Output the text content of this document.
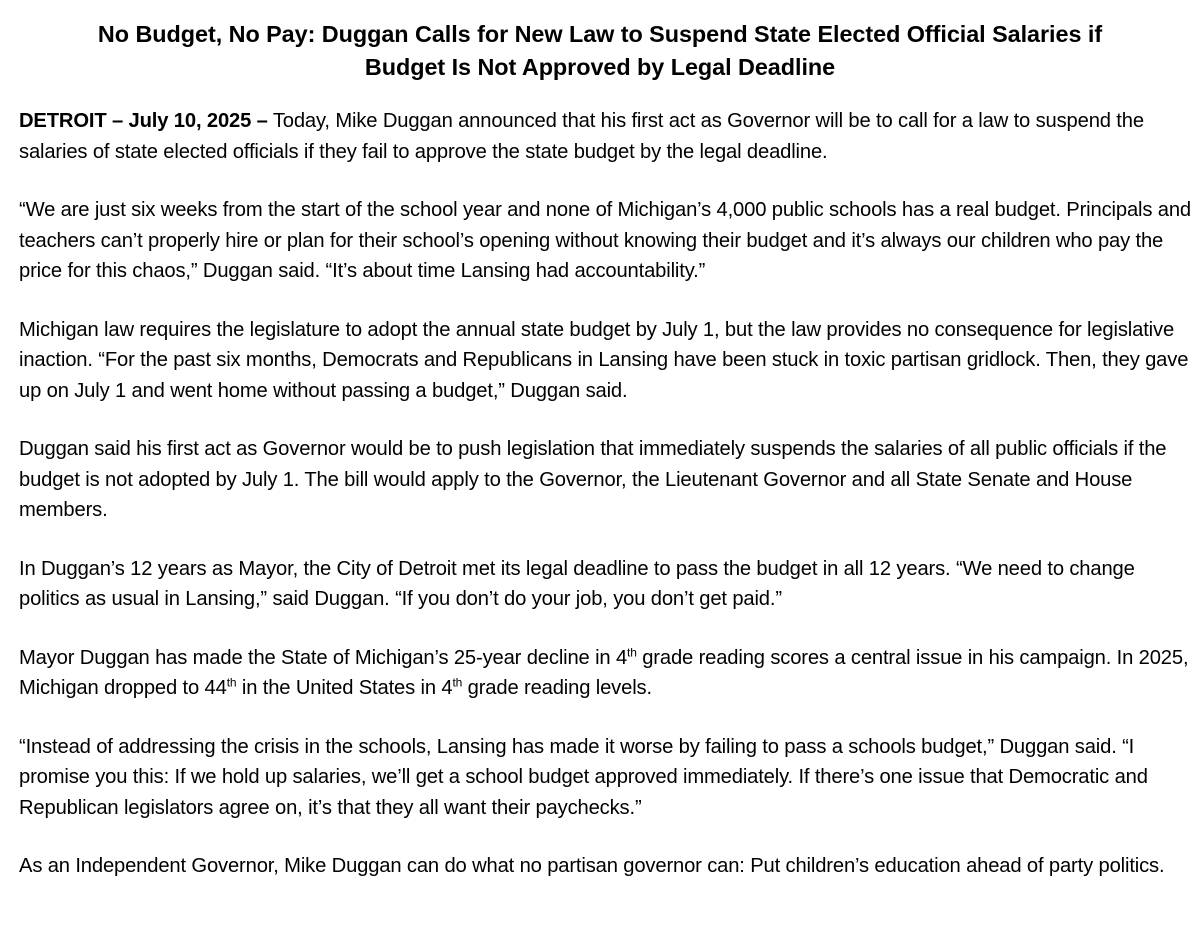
No Budget, No Pay: Duggan Calls for New Law to Suspend State Elected Official Salaries if
Budget Is Not Approved by Legal Deadline

DETROIT – July 10, 2025 – Today, Mike Duggan announced that his first act as Governor will be to call for a law to suspend the salaries of state elected officials if they fail to approve the state budget by the legal deadline.

“We are just six weeks from the start of the school year and none of Michigan’s 4,000 public schools has a real budget. Principals and teachers can’t properly hire or plan for their school’s opening without knowing their budget and it’s always our children who pay the price for this chaos,” Duggan said. “It’s about time Lansing had accountability.”

Michigan law requires the legislature to adopt the annual state budget by July 1, but the law provides no consequence for legislative inaction. “For the past six months, Democrats and Republicans in Lansing have been stuck in toxic partisan gridlock. Then, they gave up on July 1 and went home without passing a budget,” Duggan said.

Duggan said his first act as Governor would be to push legislation that immediately suspends the salaries of all public officials if the budget is not adopted by July 1. The bill would apply to the Governor, the Lieutenant Governor and all State Senate and House members.

In Duggan’s 12 years as Mayor, the City of Detroit met its legal deadline to pass the budget in all 12 years. “We need to change politics as usual in Lansing,” said Duggan. “If you don’t do your job, you don’t get paid.”

Mayor Duggan has made the State of Michigan’s 25-year decline in 4th grade reading scores a central issue in his campaign. In 2025, Michigan dropped to 44th in the United States in 4th grade reading levels.

“Instead of addressing the crisis in the schools, Lansing has made it worse by failing to pass a schools budget,” Duggan said. “I promise you this: If we hold up salaries, we’ll get a school budget approved immediately. If there’s one issue that Democratic and Republican legislators agree on, it’s that they all want their paychecks.”

As an Independent Governor, Mike Duggan can do what no partisan governor can: Put children’s education ahead of party politics.
